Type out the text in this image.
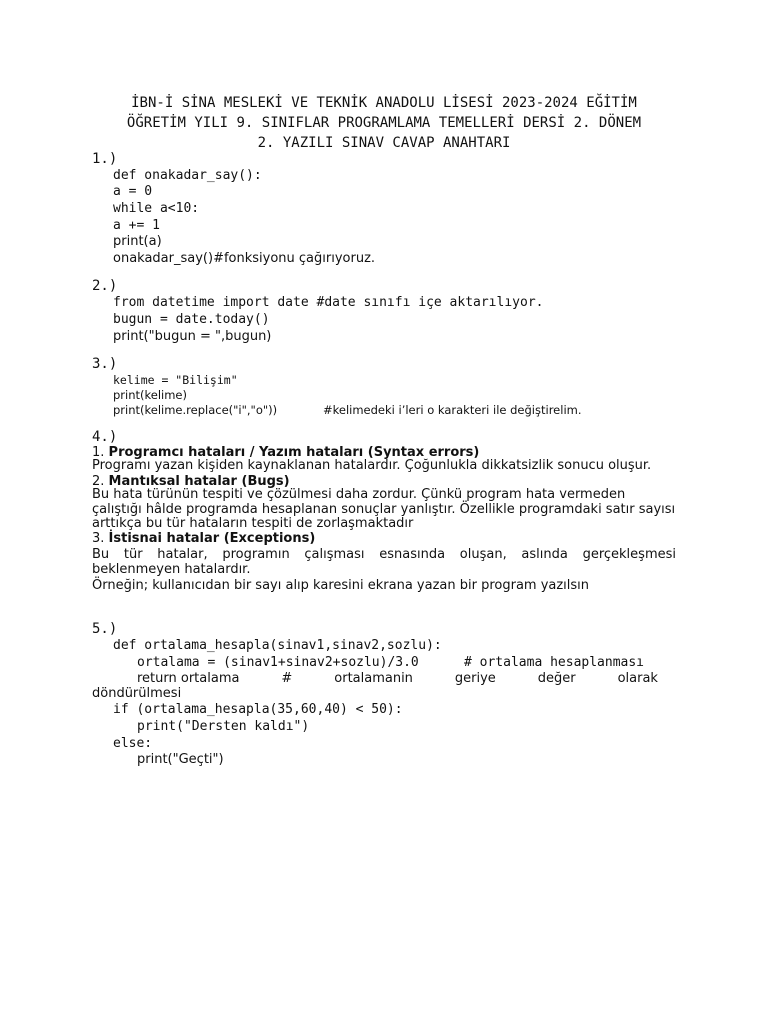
İBN-İ SİNA MESLEKİ VE TEKNİK ANADOLU LİSESİ 2023-2024 EĞİTİM
ÖĞRETİM YILI 9. SINIFLAR PROGRAMLAMA TEMELLERİ DERSİ 2. DÖNEM
2. YAZILI SINAV CAVAP ANAHTARI
1.)
def onakadar_say():
a = 0
while a<10:
a += 1
print(a)
onakadar_say()#fonksiyonu çağırıyoruz.
2.)
from datetime import date #date sınıfı içe aktarılıyor.
bugun = date.today()
print("bugun = ",bugun)
3.)
kelime = "Bilişim"
print(kelime)
print(kelime.replace("i","o"))	#kelimedeki i’leri o karakteri ile değiştirelim.
4.)
1. Programcı hataları / Yazım hataları (Syntax errors)
Programı yazan kişiden kaynaklanan hatalardır. Çoğunlukla dikkatsizlik sonucu oluşur.
2. Mantıksal hatalar (Bugs)
Bu hata türünün tespiti ve çözülmesi daha zordur. Çünkü program hata vermeden çalıştığı hâlde programda hesaplanan sonuçlar yanlıştır. Özellikle programdaki satır sayısı arttıkça bu tür hataların tespiti de zorlaşmaktadır
3. İstisnai hatalar (Exceptions)
Bu tür hatalar, programın çalışması esnasında oluşan, aslında gerçekleşmesi beklenmeyen hatalardır.
Örneğin; kullanıcıdan bir sayı alıp karesini ekrana yazan bir program yazılsın
5.)
def ortalama_hesapla(sinav1,sinav2,sozlu):
ortalama = (sinav1+sinav2+sozlu)/3.0	# ortalama hesaplanması
return ortalama	#	ortalamanin	geriye	değer	olarak
döndürülmesi
if (ortalama_hesapla(35,60,40) < 50):
print("Dersten kaldı")
else:
print("Geçti")
